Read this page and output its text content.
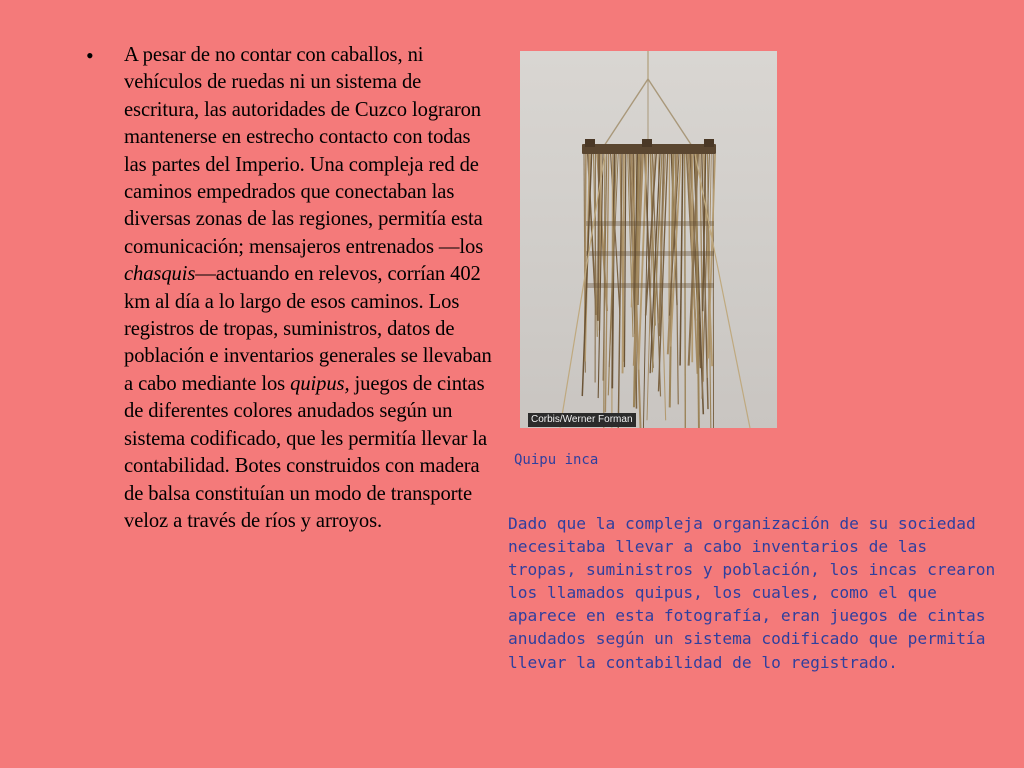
• A pesar de no contar con caballos, ni vehículos de ruedas ni un sistema de escritura, las autoridades de Cuzco lograron mantenerse en estrecho contacto con todas las partes del Imperio. Una compleja red de caminos empedrados que conectaban las diversas zonas de las regiones, permitía esta comunicación; mensajeros entrenados —los chasquis—actuando en relevos, corrían 402 km al día a lo largo de esos caminos. Los registros de tropas, suministros, datos de población e inventarios generales se llevaban a cabo mediante los quipus, juegos de cintas de diferentes colores anudados según un sistema codificado, que les permitía llevar la contabilidad. Botes construidos con madera de balsa constituían un modo de transporte veloz a través de ríos y arroyos.
Corbis/Werner Forman
Quipu inca
Dado que la compleja organización de su sociedad necesitaba llevar a cabo inventarios de las tropas, suministros y población, los incas crearon los llamados quipus, los cuales, como el que aparece en esta fotografía, eran juegos de cintas anudados según un sistema codificado que permitía llevar la contabilidad de lo registrado.
